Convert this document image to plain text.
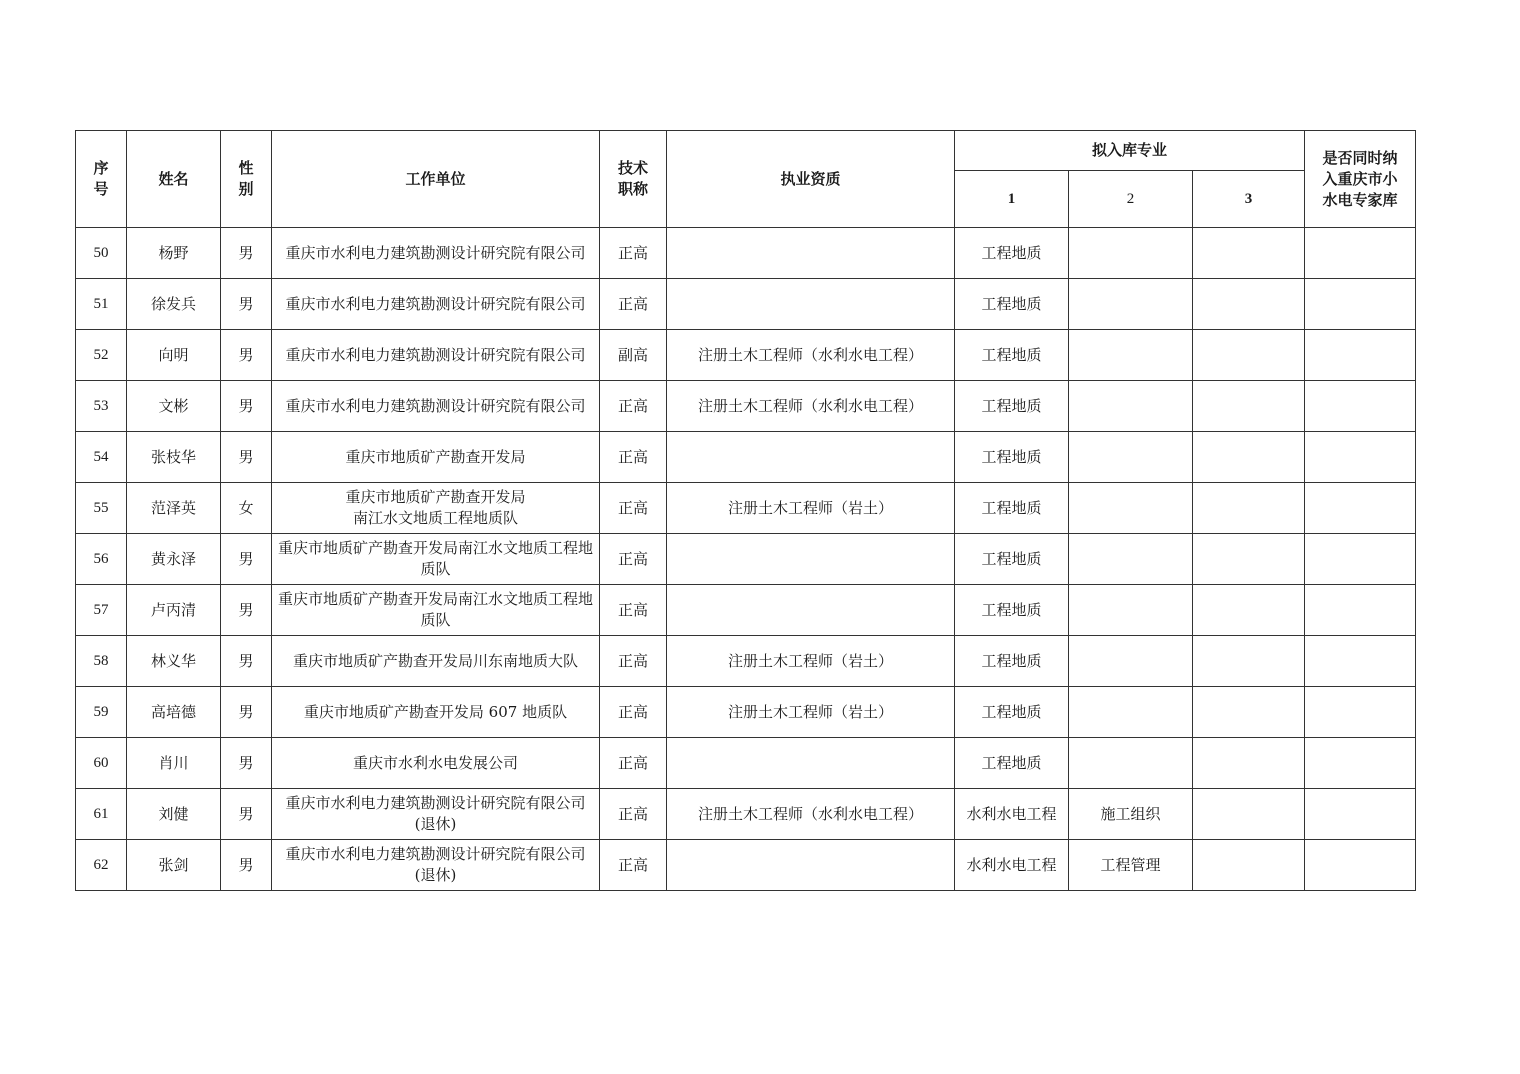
序号	姓名	性别	工作单位	技术职称	执业资质	拟入库专业			是否同时纳入重庆市小水电专家库
						1	2	3	
50	杨野	男	重庆市水利电力建筑勘测设计研究院有限公司	正高		工程地质			
51	徐发兵	男	重庆市水利电力建筑勘测设计研究院有限公司	正高		工程地质			
52	向明	男	重庆市水利电力建筑勘测设计研究院有限公司	副高	注册土木工程师（水利水电工程）	工程地质			
53	文彬	男	重庆市水利电力建筑勘测设计研究院有限公司	正高	注册土木工程师（水利水电工程）	工程地质			
54	张枝华	男	重庆市地质矿产勘查开发局	正高		工程地质			
55	范泽英	女	重庆市地质矿产勘查开发局
南江水文地质工程地质队	正高	注册土木工程师（岩土）	工程地质			
56	黄永泽	男	重庆市地质矿产勘查开发局南江水文地质工程地质队	正高		工程地质			
57	卢丙清	男	重庆市地质矿产勘查开发局南江水文地质工程地质队	正高		工程地质			
58	林义华	男	重庆市地质矿产勘查开发局川东南地质大队	正高	注册土木工程师（岩土）	工程地质			
59	高培德	男	重庆市地质矿产勘查开发局 607 地质队	正高	注册土木工程师（岩土）	工程地质			
60	肖川	男	重庆市水利水电发展公司	正高		工程地质			
61	刘健	男	重庆市水利电力建筑勘测设计研究院有限公司(退休)	正高	注册土木工程师（水利水电工程）	水利水电工程	施工组织		
62	张剑	男	重庆市水利电力建筑勘测设计研究院有限公司(退休)	正高		水利水电工程	工程管理		
